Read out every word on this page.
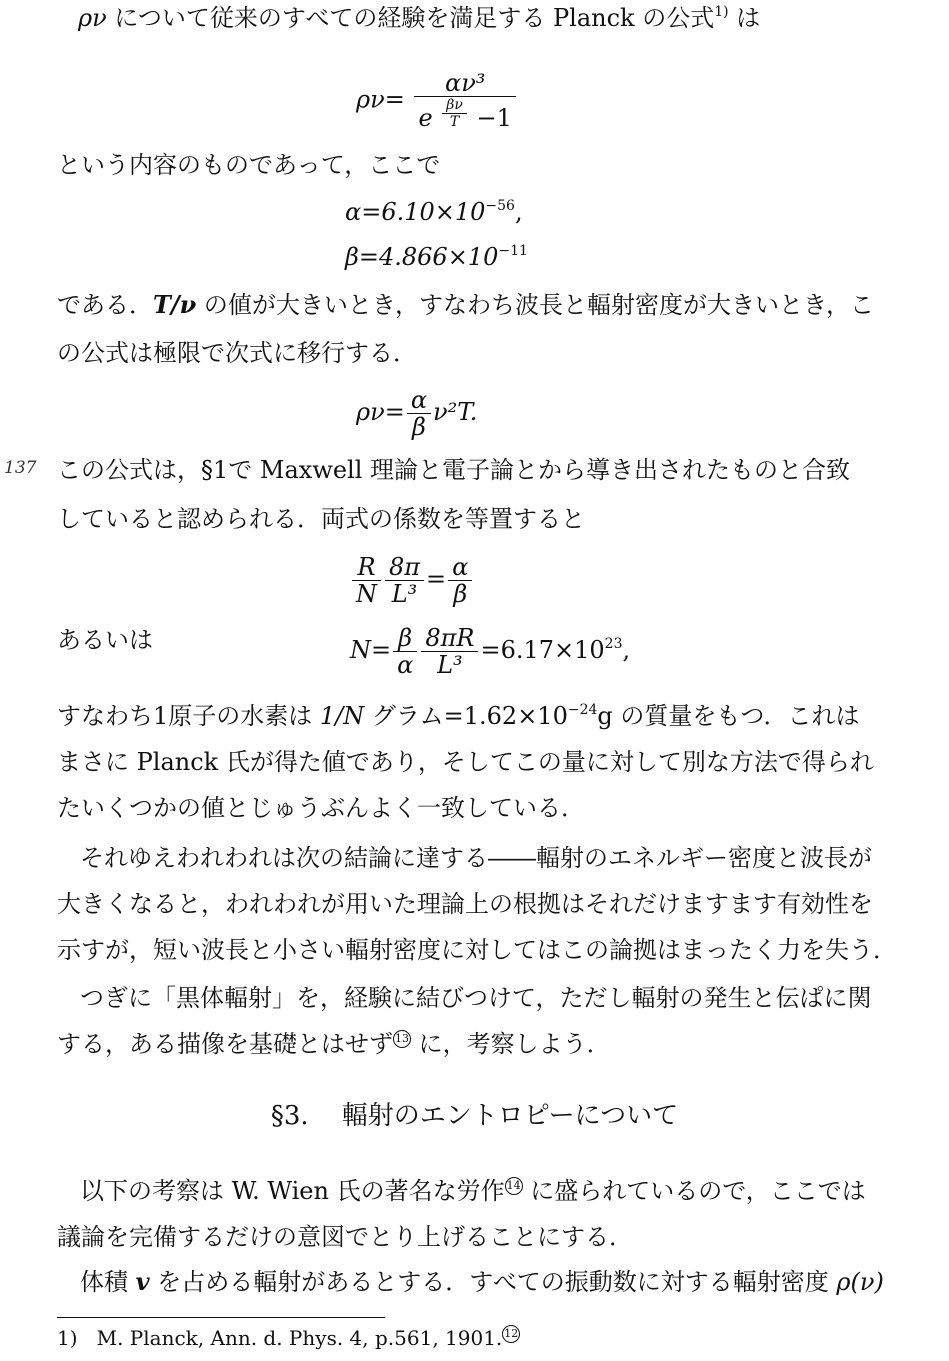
ρν について従来のすべての経験を満足する Planck の公式$^{1)}$ は
$\rho\nu= \frac{\text{αν³}}{e \frac{\beta\nu}{T} -1}$
という内容のものであって，ここで
$\alpha=6.10\times 10^{-56}$,
$\beta=4.866\times 10^{-11}$
である．T/ν の値が大きいとき，すなわち波長と輻射密度が大きいとき，こ
の公式は極限で次式に移行する．
$\rho\nu= \frac{\alpha}{\beta} \nu^2T$.
137 この公式は，§1で Maxwell 理論と電子論とから導き出されたものと合致
していると認められる．両式の係数を等置すると
$\frac{R}{N} \frac{8\pi}{\text{L³}} = \frac{\alpha}{\beta}$
あるいは	$N= \frac{\beta}{\alpha} \frac{8\pi R}{\text{L³}} =6.17\times 10^{23}$,
すなわち1原子の水素は 1/N グラム$=1.62\times 10^{-24}g$ の質量をもつ．これは
まさに Planck 氏が得た値であり，そしてこの量に対して別な方法で得られ
たいくつかの値とじゅうぶんよく一致している．
それゆえわれわれは次の結論に達する――輻射のエネルギー密度と波長が
大きくなると，われわれが用いた理論上の根拠はそれだけますます有効性を
示すが，短い波長と小さい輻射密度に対してはこの論拠はまったく力を失う．
つぎに「黒体輻射」を，経験に結びつけて，ただし輻射の発生と伝ぱに関
する，ある描像を基礎とはせず 13 に，考察しよう．
§3. 輻射のエントロピーについて
以下の考察は W. Wien 氏の著名な労作 14 に盛られているので，ここでは
議論を完備するだけの意図でとり上げることにする．
体積 v を占める輻射があるとする．すべての振動数に対する輻射密度 ρ(ν)
1) M. Planck, Ann. d. Phys. 4, p.561, 1901. 12
